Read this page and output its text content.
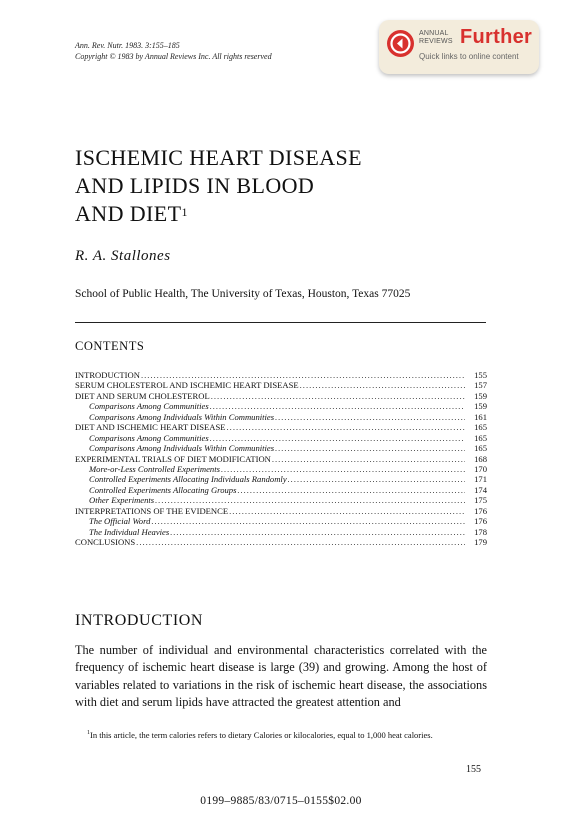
Ann. Rev. Nutr. 1983. 3:155–185
Copyright © 1983 by Annual Reviews Inc. All rights reserved
ANNUAL
REVIEWS Further
Quick links to online content
ISCHEMIC HEART DISEASE
AND LIPIDS IN BLOOD
AND DIET$^1$
R. A. Stallones
School of Public Health, The University of Texas, Houston, Texas 77025
CONTENTS
INTRODUCTION .....	155
SERUM CHOLESTEROL AND ISCHEMIC HEART DISEASE .....	157
DIET AND SERUM CHOLESTEROL .....	159
Comparisons Among Communities .....	159
Comparisons Among Individuals Within Communities .....	161
DIET AND ISCHEMIC HEART DISEASE .....	165
Comparisons Among Communities .....	165
Comparisons Among Individuals Within Communities .....	165
EXPERIMENTAL TRIALS OF DIET MODIFICATION .....	168
More-or-Less Controlled Experiments .....	170
Controlled Experiments Allocating Individuals Randomly .....	171
Controlled Experiments Allocating Groups .....	174
Other Experiments .....	175
INTERPRETATIONS OF THE EVIDENCE .....	176
The Official Word .....	176
The Individual Heavies .....	178
CONCLUSIONS .....	179
INTRODUCTION
The number of individual and environmental characteristics correlated with the frequency of ischemic heart disease is large (39) and growing. Among the host of variables related to variations in the risk of ischemic heart disease, the associations with diet and serum lipids have attracted the greatest attention and
$^1$In this article, the term calories refers to dietary Calories or kilocalories, equal to 1,000 heat calories.
155
0199–9885/83/0715–0155$02.00
